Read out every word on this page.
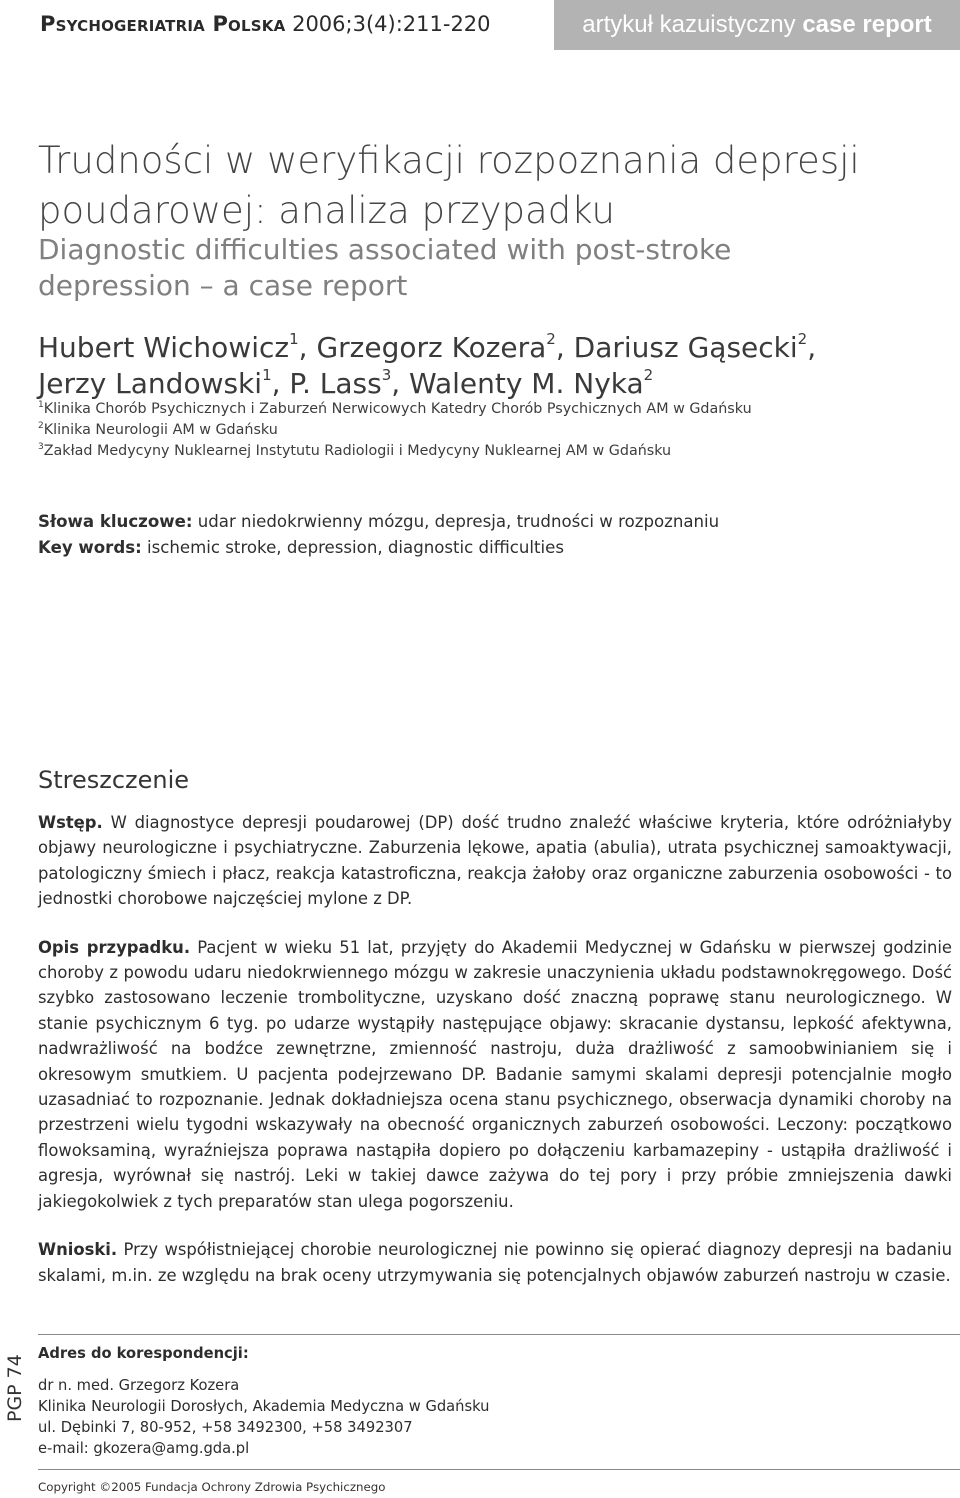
Psychogeriatria Polska 2006;3(4):211-220	artykuł kazuistyczny case report
Trudności w weryfikacji rozpoznania depresji
poudarowej: analiza przypadku
Diagnostic difficulties associated with post-stroke
depression – a case report
Hubert Wichowicz$^1$, Grzegorz Kozera$^2$, Dariusz Gąsecki$^2$,
Jerzy Landowski$^1$, P. Lass$^3$, Walenty M. Nyka$^2$
$^1$Klinika Chorób Psychicznych i Zaburzeń Nerwicowych Katedry Chorób Psychicznych AM w Gdańsku
$^2$Klinika Neurologii AM w Gdańsku
$^3$Zakład Medycyny Nuklearnej Instytutu Radiologii i Medycyny Nuklearnej AM w Gdańsku
Słowa kluczowe: udar niedokrwienny mózgu, depresja, trudności w rozpoznaniu
Key words: ischemic stroke, depression, diagnostic difficulties
Streszczenie

Wstęp. W diagnostyce depresji poudarowej (DP) dość trudno znaleźć właściwe kryteria, które odróżniałyby objawy neurologiczne i psychiatryczne. Zaburzenia lękowe, apatia (abulia), utrata psychicznej samoaktywacji, patologiczny śmiech i płacz, reakcja katastroficzna, reakcja żałoby oraz organiczne zaburzenia osobowości - to jednostki chorobowe najczęściej mylone z DP.

Opis przypadku. Pacjent w wieku 51 lat, przyjęty do Akademii Medycznej w Gdańsku w pierwszej godzinie choroby z powodu udaru niedokrwiennego mózgu w zakresie unaczynienia układu podstawnokręgowego. Dość szybko zastosowano leczenie trombolityczne, uzyskano dość znaczną poprawę stanu neurologicznego. W stanie psychicznym 6 tyg. po udarze wystąpiły następujące objawy: skracanie dystansu, lepkość afektywna, nadwrażliwość na bodźce zewnętrzne, zmienność nastroju, duża drażliwość z samoobwinianiem się i okresowym smutkiem. U pacjenta podejrzewano DP. Badanie samymi skalami depresji potencjalnie mogło uzasadniać to rozpoznanie. Jednak dokładniejsza ocena stanu psychicznego, obserwacja dynamiki choroby na przestrzeni wielu tygodni wskazywały na obecność organicznych zaburzeń osobowości. Leczony: początkowo flowoksaminą, wyraźniejsza poprawa nastąpiła dopiero po dołączeniu karbamazepiny - ustąpiła drażliwość i agresja, wyrównał się nastrój. Leki w takiej dawce zażywa do tej pory i przy próbie zmniejszenia dawki jakiegokolwiek z tych preparatów stan ulega pogorszeniu.

Wnioski. Przy współistniejącej chorobie neurologicznej nie powinno się opierać diagnozy depresji na badaniu skalami, m.in. ze względu na brak oceny utrzymywania się potencjalnych objawów zaburzeń nastroju w czasie.

PGP 74
Adres do korespondencji:
dr n. med. Grzegorz Kozera
Klinika Neurologii Dorosłych, Akademia Medyczna w Gdańsku
ul. Dębinki 7, 80-952, +58 3492300, +58 3492307
e-mail: gkozera@amg.gda.pl
Copyright ©2005 Fundacja Ochrony Zdrowia Psychicznego
